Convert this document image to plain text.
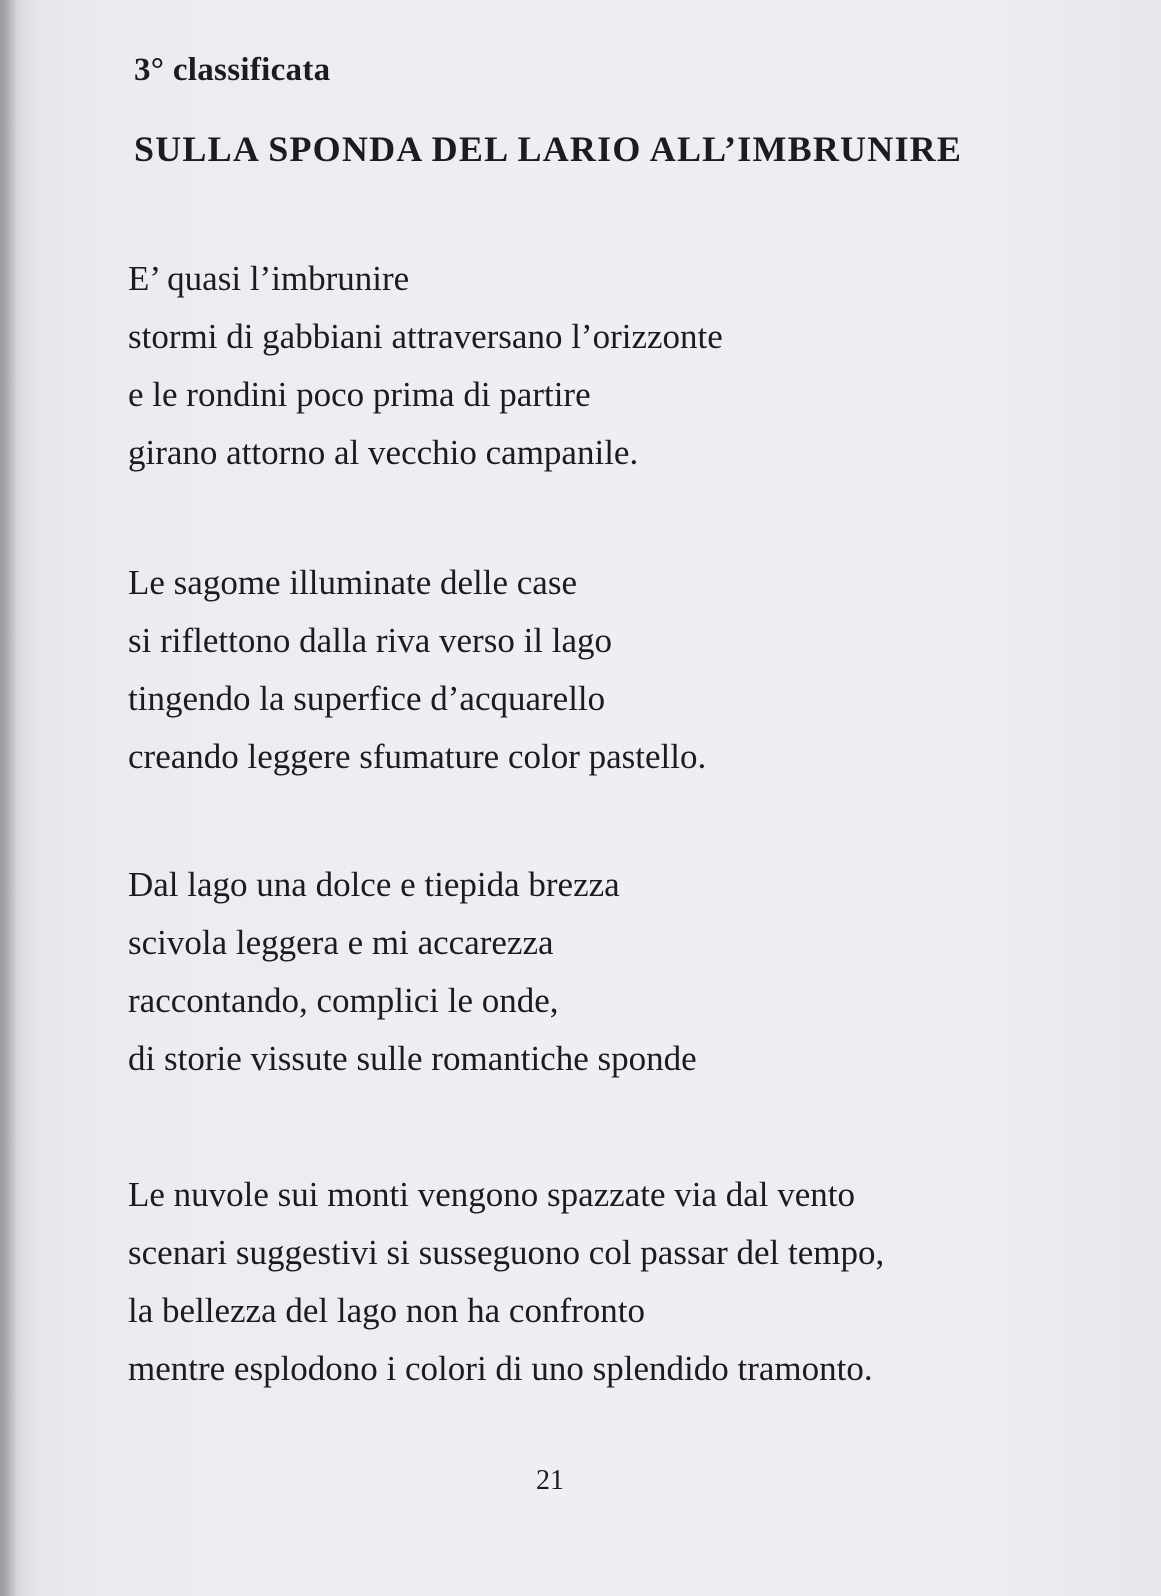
3° classificata
SULLA SPONDA DEL LARIO ALL’IMBRUNIRE
E’ quasi l’imbrunire
stormi di gabbiani attraversano l’orizzonte
e le rondini poco prima di partire
girano attorno al vecchio campanile.
Le sagome illuminate delle case
si riflettono dalla riva verso il lago
tingendo la superfice d’acquarello
creando leggere sfumature color pastello.
Dal lago una dolce e tiepida brezza
scivola leggera e mi accarezza
raccontando, complici le onde,
di storie vissute sulle romantiche sponde
Le nuvole sui monti vengono spazzate via dal vento
scenari suggestivi si susseguono col passar del tempo,
la bellezza del lago non ha confronto
mentre esplodono i colori di uno splendido tramonto.
21
